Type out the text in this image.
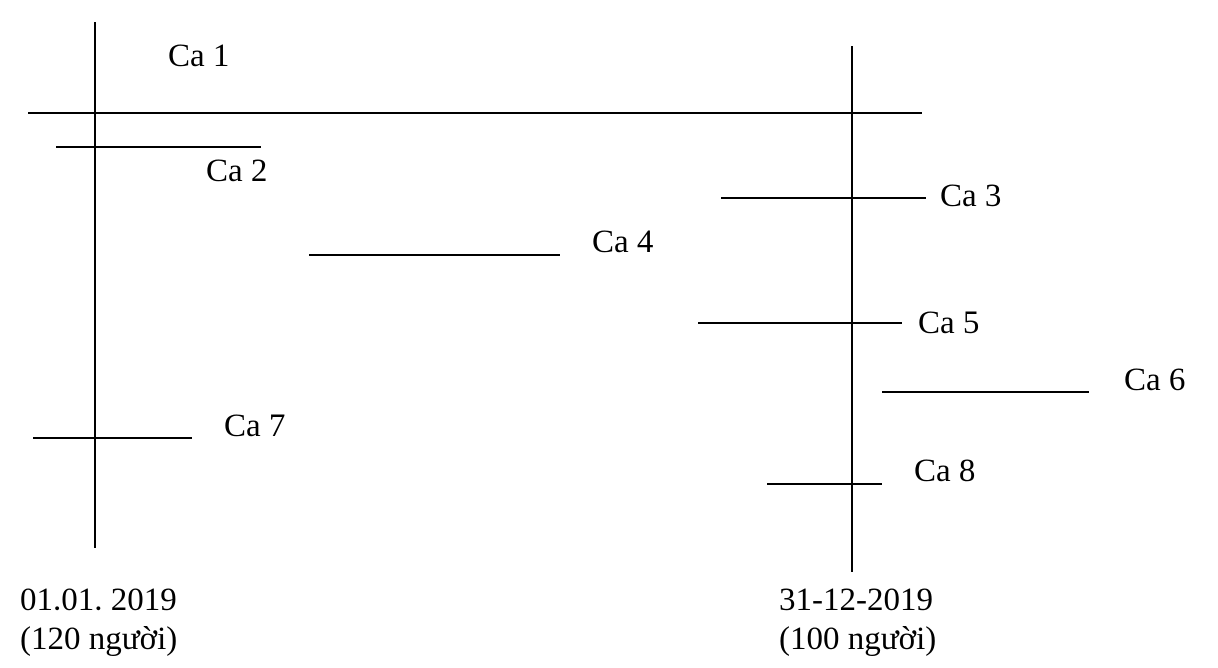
Ca 1
Ca 2
Ca 3
Ca 4
Ca 5
Ca 6
Ca 7
Ca 8
01.01. 2019
(120 người)
31-12-2019
(100 người)
